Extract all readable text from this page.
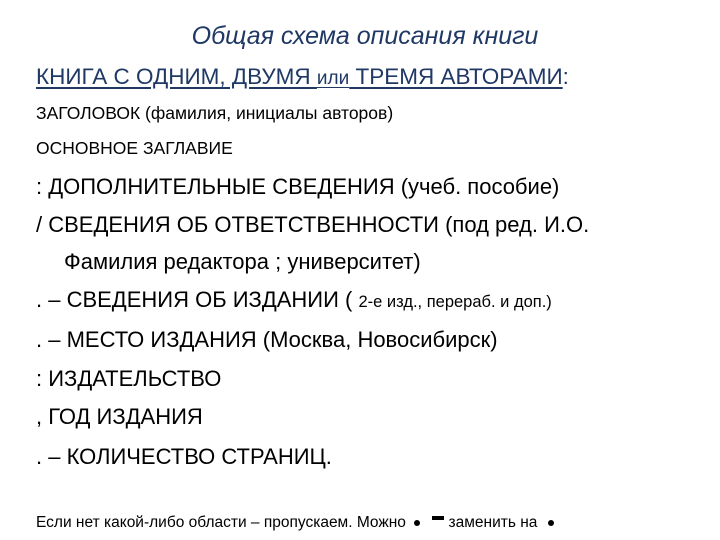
Общая схема описания книги
КНИГА С ОДНИМ, ДВУМЯ или ТРЕМЯ АВТОРАМИ:
ЗАГОЛОВОК (фамилия, инициалы авторов)
ОСНОВНОЕ ЗАГЛАВИЕ
: ДОПОЛНИТЕЛЬНЫЕ СВЕДЕНИЯ (учеб. пособие)
/ СВЕДЕНИЯ ОБ ОТВЕТСТВЕННОСТИ (под ред. И.О.
Фамилия редактора ; университет)
. – СВЕДЕНИЯ ОБ ИЗДАНИИ ( 2-е изд., перераб. и доп.)
. – МЕСТО ИЗДАНИЯ (Москва, Новосибирск)
: ИЗДАТЕЛЬСТВО
, ГОД ИЗДАНИЯ
. – КОЛИЧЕСТВО СТРАНИЦ.
Если нет какой-либо области – пропускаем. Можно  заменить на
